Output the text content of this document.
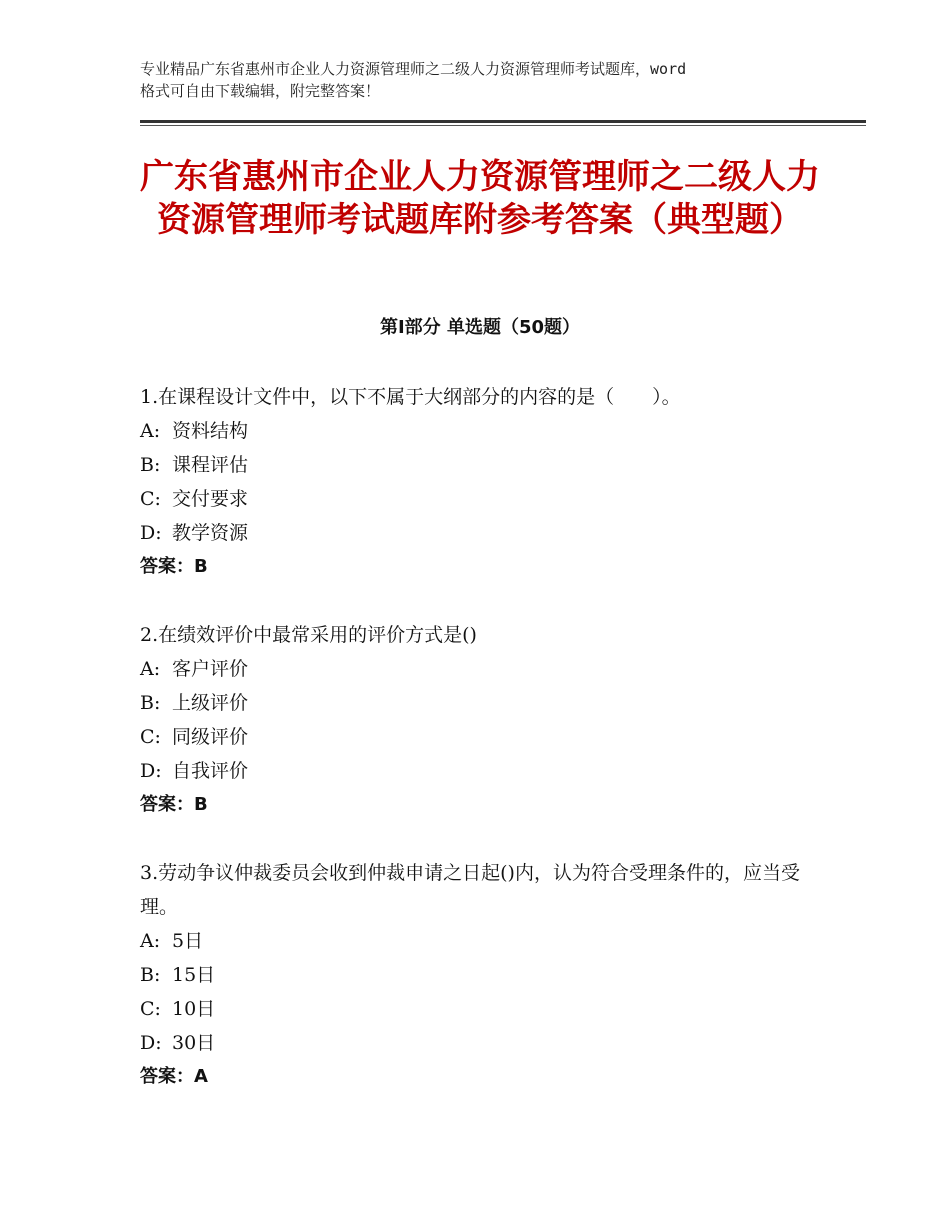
专业精品广东省惠州市企业人力资源管理师之二级人力资源管理师考试题库，word
格式可自由下载编辑，附完整答案！
广东省惠州市企业人力资源管理师之二级人力资源管理师考试题库附参考答案（典型题）
第Ⅰ部分 单选题（50题）

1.在课程设计文件中，以下不属于大纲部分的内容的是（　　）。

A: 资料结构

B: 课程评估

C: 交付要求

D: 教学资源

答案：B

2.在绩效评价中最常采用的评价方式是()

A: 客户评价

B: 上级评价

C: 同级评价

D: 自我评价

答案：B

3.劳动争议仲裁委员会收到仲裁申请之日起()内，认为符合受理条件的，应当受理。

A: 5日

B: 15日

C: 10日

D: 30日

答案：A
